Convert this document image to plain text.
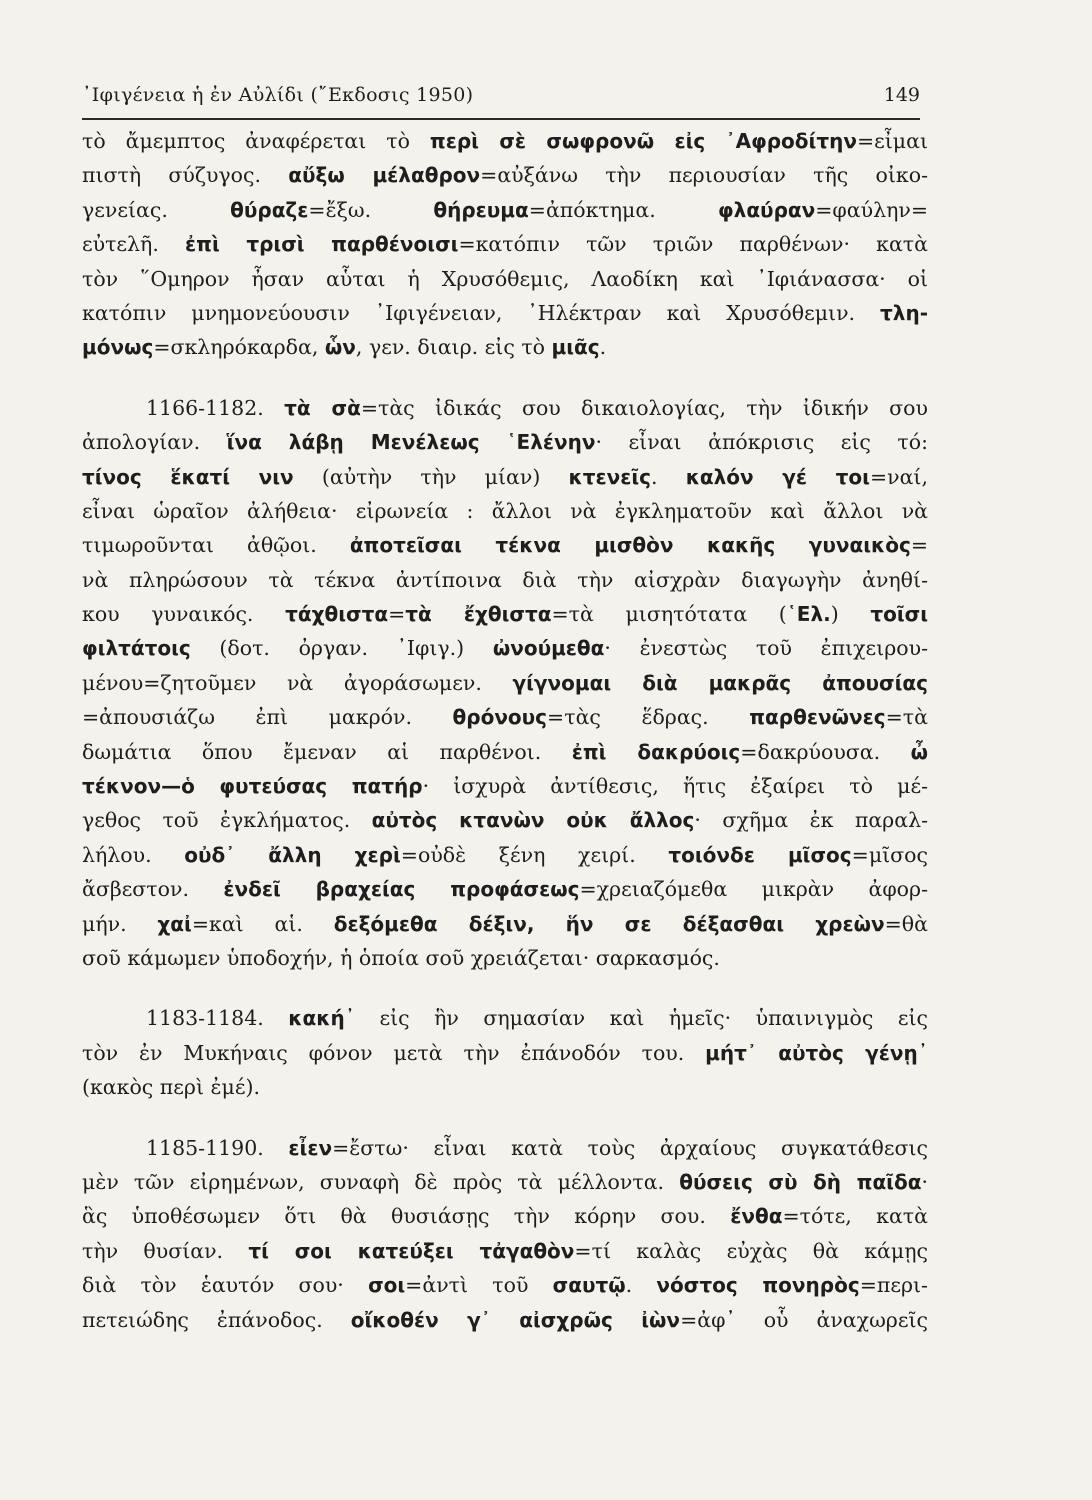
᾽Ιφιγένεια ἡ ἐν Αὐλίδι (῎Εκδοσις 1950)	149
τὸ ἄμεμπτος ἀναφέρεται τὸ περὶ σὲ σωφρονῶ εἰς ᾽Αφροδίτην=εἶμαι
πιστὴ σύζυγος. αὔξω μέλαθρον=αὐξάνω τὴν περιουσίαν τῆς οἰκο-
γενείας. θύραζε=ἔξω. θήρευμα=ἀπόκτημα. φλαύραν=φαύλην=
εὐτελῆ. ἐπὶ τρισὶ παρθένοισι=κατόπιν τῶν τριῶν παρθένων· κατὰ
τὸν ῞Ομηρον ἦσαν αὗται ἡ Χρυσόθεμις, Λαοδίκη καὶ ᾽Ιφιάνασσα· οἱ
κατόπιν μνημονεύουσιν ᾽Ιφιγένειαν, ᾽Ηλέκτραν καὶ Χρυσόθεμιν. τλη-
μόνως=σκληρόκαρδα, ὧν, γεν. διαιρ. εἰς τὸ μιᾶς.
1166-1182. τὰ σὰ=τὰς ἰδικάς σου δικαιολογίας, τὴν ἰδικήν σου
ἀπολογίαν. ἵνα λάβῃ Μενέλεως ῾Ελένην· εἶναι ἀπόκρισις εἰς τό:
τίνος ἕκατί νιν (αὐτὴν τὴν μίαν) κτενεῖς. καλόν γέ τοι=ναί,
εἶναι ὡραῖον ἀλήθεια· εἰρωνεία : ἄλλοι νὰ ἐγκληματοῦν καὶ ἄλλοι νὰ
τιμωροῦνται ἀθῷοι. ἀποτεῖσαι τέκνα μισθὸν κακῆς γυναικὸς=
νὰ πληρώσουν τὰ τέκνα ἀντίποινα διὰ τὴν αἰσχρὰν διαγωγὴν ἀνηθί-
κου γυναικός. τάχθιστα=τὰ ἔχθιστα=τὰ μισητότατα (῾Ελ.) τοῖσι
φιλτάτοις (δοτ. ὀργαν. ᾽Ιφιγ.) ὠνούμεθα· ἐνεστὼς τοῦ ἐπιχειρου-
μένου=ζητοῦμεν νὰ ἀγοράσωμεν. γίγνομαι διὰ μακρᾶς ἀπουσίας
=ἀπουσιάζω ἐπὶ μακρόν. θρόνους=τὰς ἕδρας. παρθενῶνες=τὰ
δωμάτια ὅπου ἔμεναν αἱ παρθένοι. ἐπὶ δακρύοις=δακρύουσα. ὦ
τέκνον—ὁ φυτεύσας πατήρ· ἰσχυρὰ ἀντίθεσις, ἥτις ἐξαίρει τὸ μέ-
γεθος τοῦ ἐγκλήματος. αὐτὸς κτανὼν οὐκ ἄλλος· σχῆμα ἐκ παραλ-
λήλου. οὐδ᾽ ἄλλη χερὶ=οὐδὲ ξένη χειρί. τοιόνδε μῖσος=μῖσος
ἄσβεστον. ἐνδεῖ βραχείας προφάσεως=χρειαζόμεθα μικρὰν ἀφορ-
μήν. χαἰ=καὶ αἱ. δεξόμεθα δέξιν, ἥν σε δέξασθαι χρεὼν=θὰ
σοῦ κάμωμεν ὑποδοχήν, ἡ ὁποία σοῦ χρειάζεται· σαρκασμός.
1183-1184. κακή᾽ εἰς ἣν σημασίαν καὶ ἡμεῖς· ὑπαινιγμὸς εἰς
τὸν ἐν Μυκήναις φόνον μετὰ τὴν ἐπάνοδόν του. μήτ᾽ αὐτὸς γένῃ᾽
(κακὸς περὶ ἐμέ).
1185-1190. εἶεν=ἔστω· εἶναι κατὰ τοὺς ἀρχαίους συγκατάθεσις
μὲν τῶν εἰρημένων, συναφὴ δὲ πρὸς τὰ μέλλοντα. θύσεις σὺ δὴ παῖδα·
ἃς ὑποθέσωμεν ὅτι θὰ θυσιάσῃς τὴν κόρην σου. ἔνθα=τότε, κατὰ
τὴν θυσίαν. τί σοι κατεύξει τἀγαθὸν=τί καλὰς εὐχὰς θὰ κάμῃς
διὰ τὸν ἑαυτόν σου· σοι=ἀντὶ τοῦ σαυτῷ. νόστος πονηρὸς=περι-
πετειώδης ἐπάνοδος. οἴκοθέν γ᾽ αἰσχρῶς ἰὼν=ἀφ᾽ οὗ ἀναχωρεῖς
